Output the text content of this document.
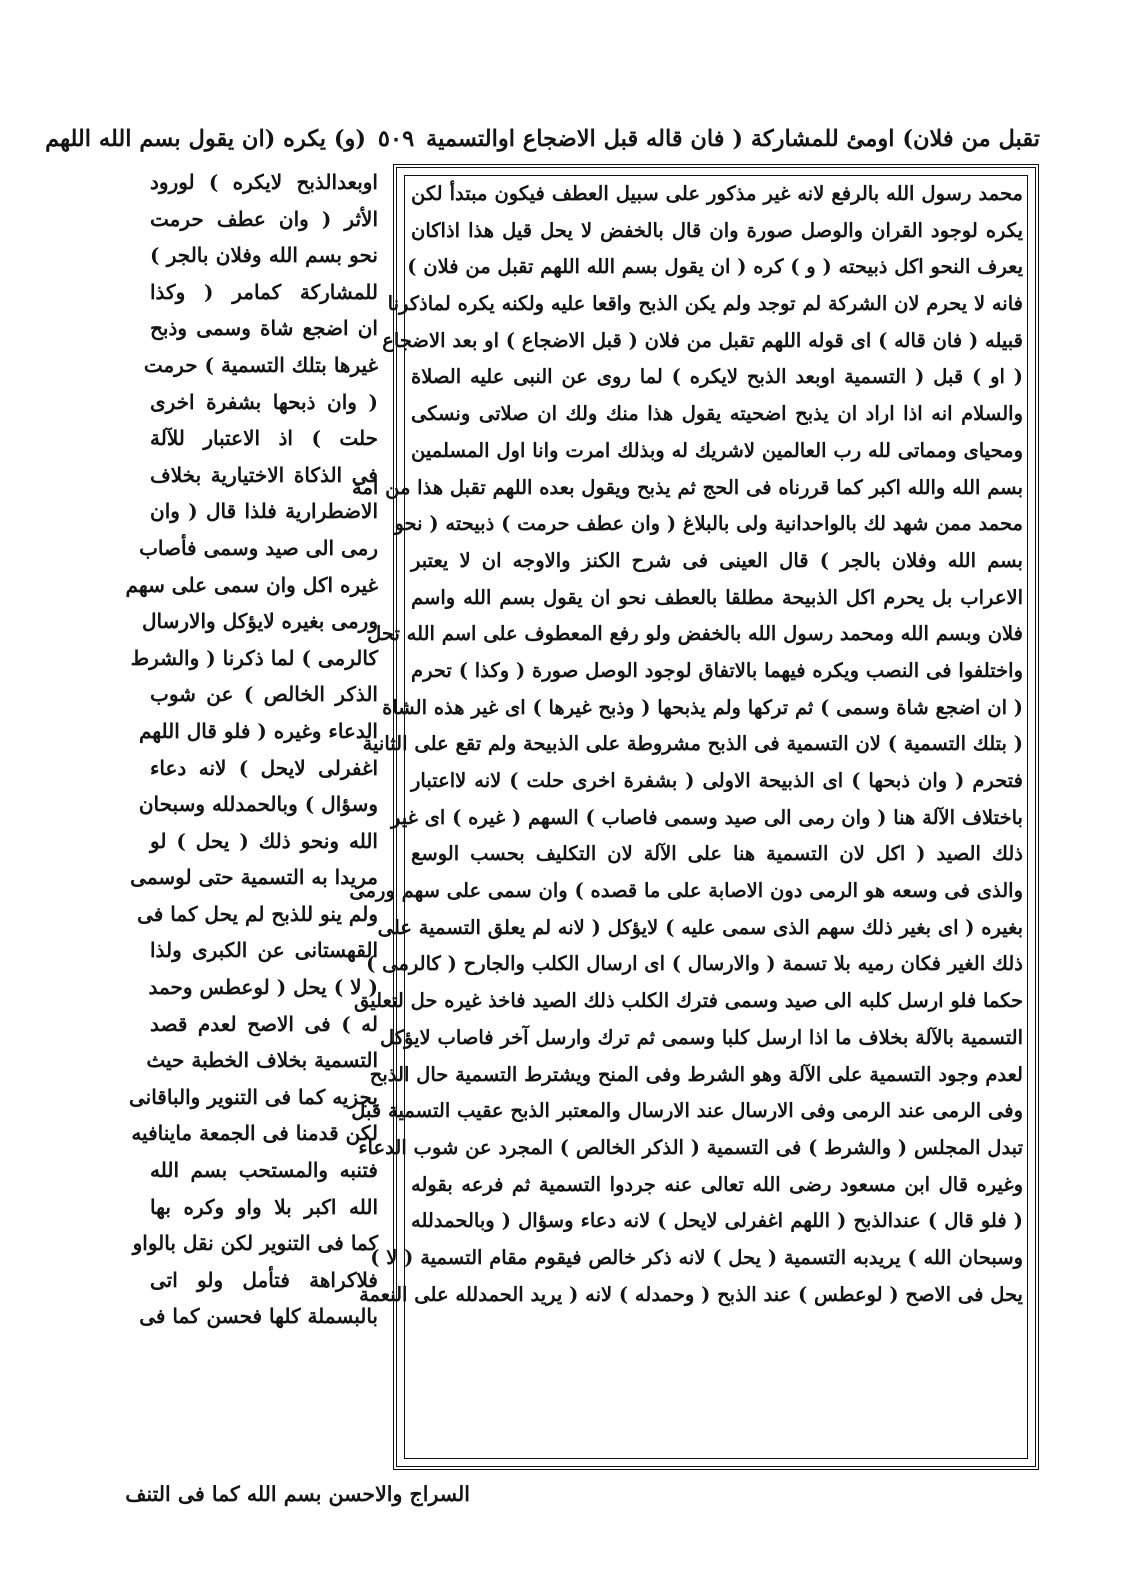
تقبل من فلان) اومئ للمشاركة ( فان قاله قبل الاضجاع اوالتسمية ٥٠٩ (و) يكره (ان يقول بسم الله اللهم
محمد رسول الله بالرفع لانه غير مذكور على سبيل العطف فيكون مبتدأ لكن
يكره لوجود القران والوصل صورة وان قال بالخفض لا يحل قيل هذا اذاكان
يعرف النحو اكل ذبيحته ( و ) كره ( ان يقول بسم الله اللهم تقبل من فلان )
فانه لا يحرم لان الشركة لم توجد ولم يكن الذبح واقعا عليه ولكنه يكره لماذكرنا
قبيله ( فان قاله ) اى قوله اللهم تقبل من فلان ( قبل الاضجاع ) او بعد الاضجاع
( او ) قبل ( التسمية اوبعد الذبح لايكره ) لما روى عن النبى عليه الصلاة
والسلام انه اذا اراد ان يذبح اضحيته يقول هذا منك ولك ان صلاتى ونسكى
ومحياى ومماتى لله رب العالمين لاشريك له وبذلك امرت وانا اول المسلمين
بسم الله والله اكبر كما قررناه فى الحج ثم يذبح ويقول بعده اللهم تقبل هذا من امة
محمد ممن شهد لك بالواحدانية ولى بالبلاغ ( وان عطف حرمت ) ذبيحته ( نحو
بسم الله وفلان بالجر ) قال العينى فى شرح الكنز والاوجه ان لا يعتبر
الاعراب بل يحرم اكل الذبيحة مطلقا بالعطف نحو ان يقول بسم الله واسم
فلان وبسم الله ومحمد رسول الله بالخفض ولو رفع المعطوف على اسم الله تحل
واختلفوا فى النصب ويكره فيهما بالاتفاق لوجود الوصل صورة ( وكذا ) تحرم
( ان اضجع شاة وسمى ) ثم تركها ولم يذبحها ( وذبح غيرها ) اى غير هذه الشاة
( بتلك التسمية ) لان التسمية فى الذبح مشروطة على الذبيحة ولم تقع على الثانية
فتحرم ( وان ذبحها ) اى الذبيحة الاولى ( بشفرة اخرى حلت ) لانه لااعتبار
باختلاف الآلة هنا ( وان رمى الى صيد وسمى فاصاب ) السهم ( غيره ) اى غير
ذلك الصيد ( اكل لان التسمية هنا على الآلة لان التكليف بحسب الوسع
والذى فى وسعه هو الرمى دون الاصابة على ما قصده ) وان سمى على سهم ورمى
بغيره ( اى بغير ذلك سهم الذى سمى عليه ) لايؤكل ( لانه لم يعلق التسمية على
ذلك الغير فكان رميه بلا تسمة ( والارسال ) اى ارسال الكلب والجارح ( كالرمى )
حكما فلو ارسل كلبه الى صيد وسمى فترك الكلب ذلك الصيد فاخذ غيره حل لتعليق
التسمية بالآلة بخلاف ما اذا ارسل كلبا وسمى ثم ترك وارسل آخر فاصاب لايؤكل
لعدم وجود التسمية على الآلة وهو الشرط وفى المنح ويشترط التسمية حال الذبح
وفى الرمى عند الرمى وفى الارسال عند الارسال والمعتبر الذبح عقيب التسمية قبل
تبدل المجلس ( والشرط ) فى التسمية ( الذكر الخالص ) المجرد عن شوب الدعاء
وغيره قال ابن مسعود رضى الله تعالى عنه جردوا التسمية ثم فرعه بقوله
( فلو قال ) عندالذبح ( اللهم اغفرلى لايحل ) لانه دعاء وسؤال ( وبالحمدلله
وسبحان الله ) يريدبه التسمية ( يحل ) لانه ذكر خالص فيقوم مقام التسمية ( لا )
يحل فى الاصح ( لوعطس ) عند الذبح ( وحمدله ) لانه ( يريد الحمدلله على النعمة
اوبعدالذبح لايكره ) لورود
الأثر ( وان عطف حرمت
نحو بسم الله وفلان بالجر )
للمشاركة كمامر ( وكذا
ان اضجع شاة وسمى وذبح
غيرها بتلك التسمية ) حرمت
( وان ذبحها بشفرة اخرى
حلت ) اذ الاعتبار للآلة
فى الذكاة الاختيارية بخلاف
الاضطرارية فلذا قال ( وان
رمى الى صيد وسمى فأصاب
غيره اكل وان سمى على سهم
ورمى بغيره لايؤكل والارسال
كالرمى ) لما ذكرنا ( والشرط
الذكر الخالص ) عن شوب
الدعاء وغيره ( فلو قال اللهم
اغفرلى لايحل ) لانه دعاء
وسؤال ) وبالحمدلله وسبحان
الله ونحو ذلك ( يحل ) لو
مريدا به التسمية حتى لوسمى
ولم ينو للذبح لم يحل كما فى
القهستانى عن الكبرى ولذا
( لا ) يحل ( لوعطس وحمد
له ) فى الاصح لعدم قصد
التسمية بخلاف الخطبة حيث
يجزيه كما فى التنوير والباقانى
لكن قدمنا فى الجمعة ماينافيه
فتنبه والمستحب بسم الله
الله اكبر بلا واو وكره بها
كما فى التنوير لكن نقل بالواو
فلاكراهة فتأمل ولو اتى
بالبسملة كلها فحسن كما فى
السراج والاحسن بسم الله كما فى التنف
